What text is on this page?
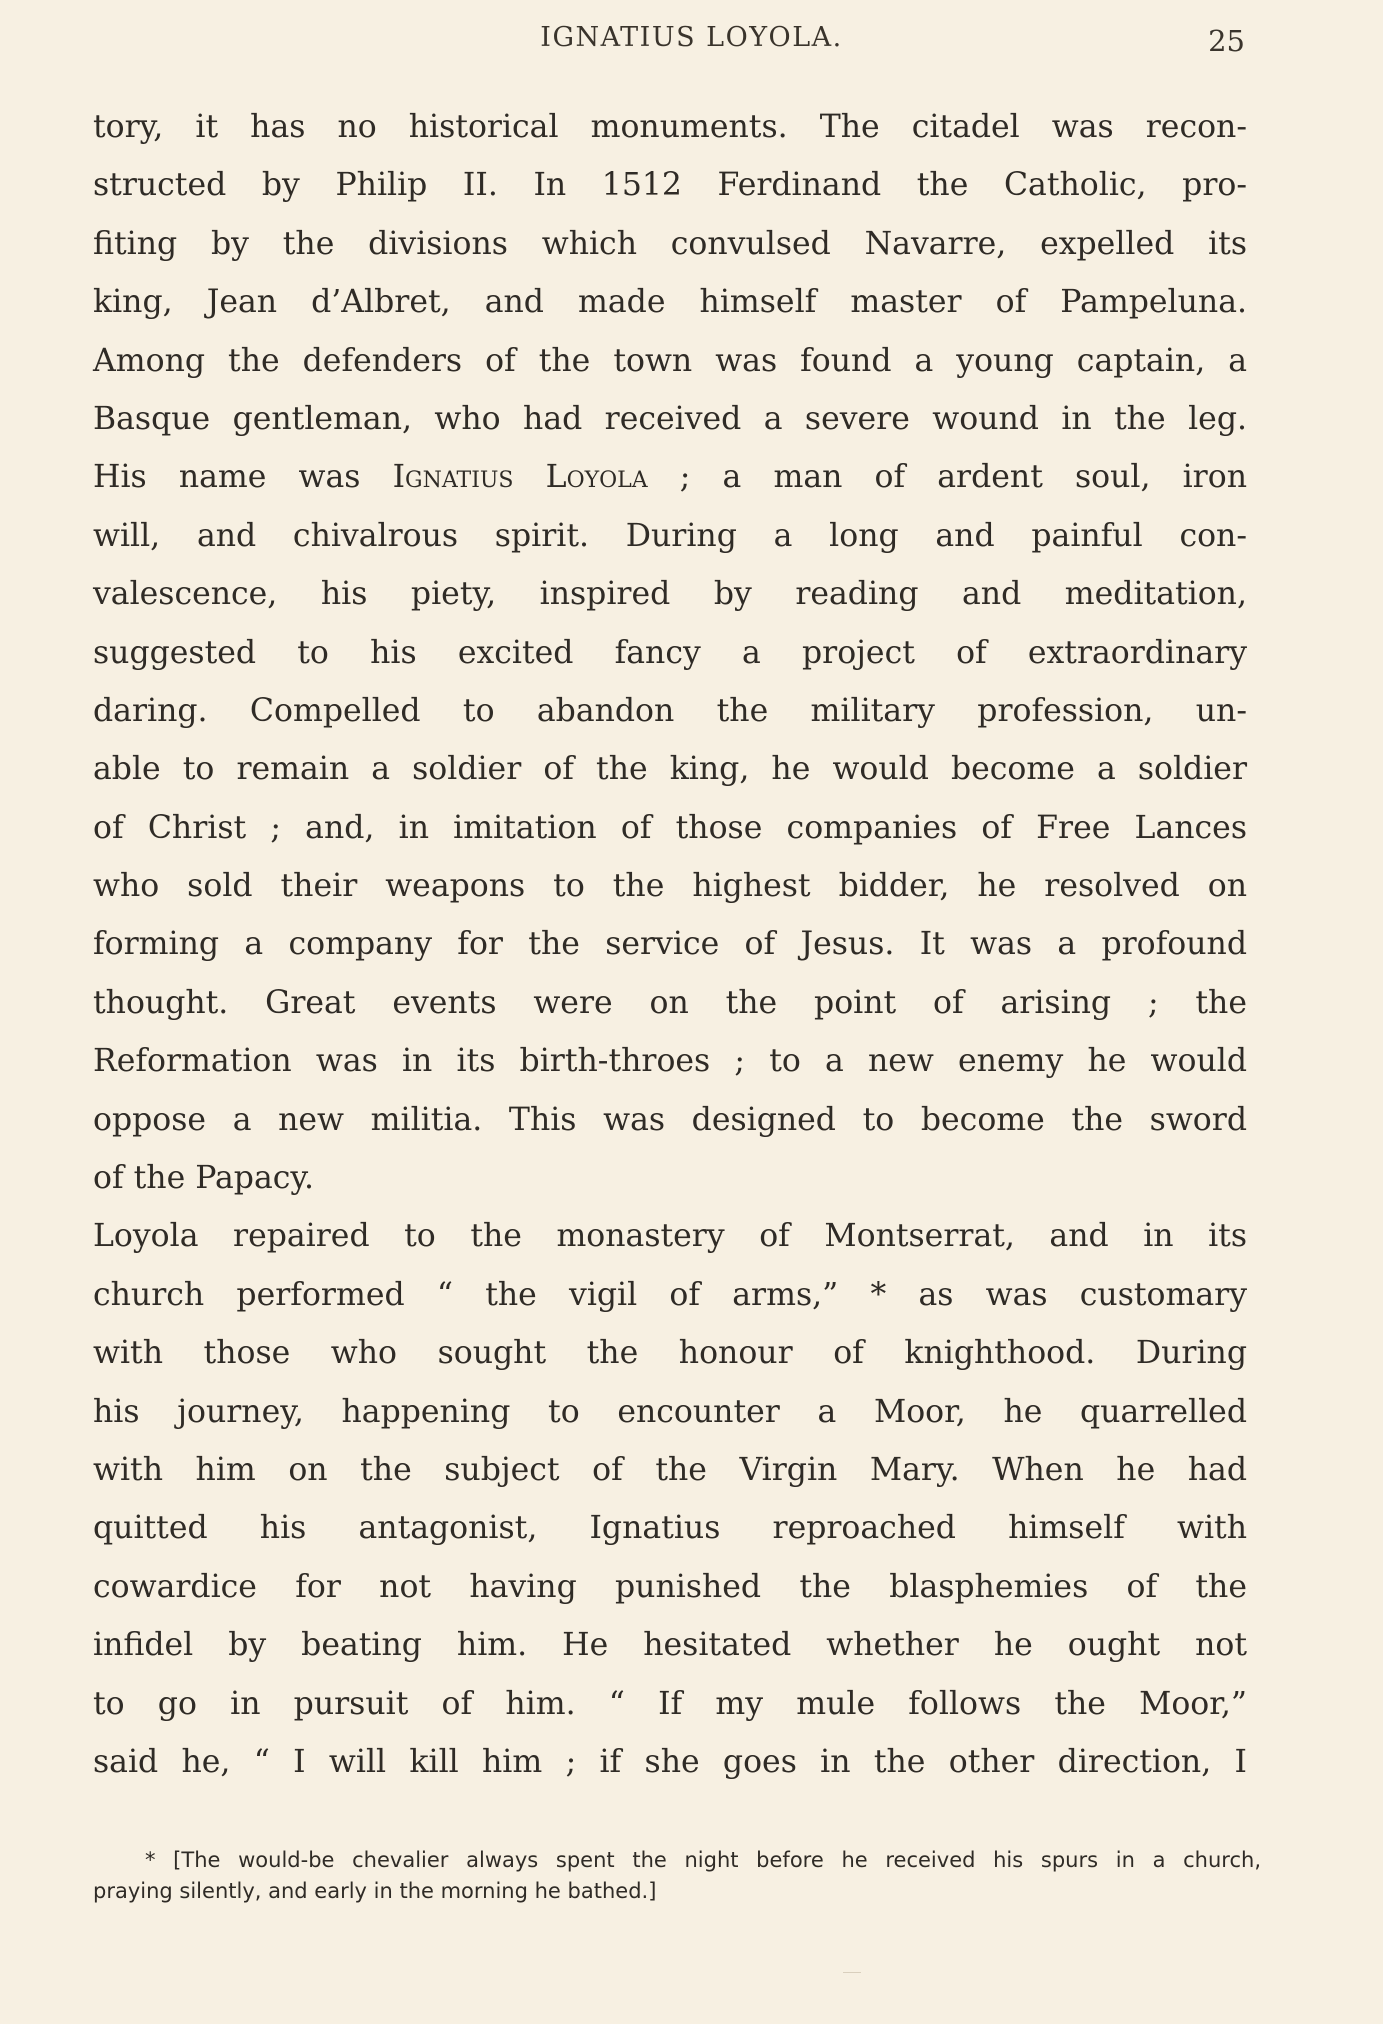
IGNATIUS LOYOLA.	25
tory, it has no historical monuments. The citadel was recon-
structed by Philip II. In 1512 Ferdinand the Catholic, pro-
fiting by the divisions which convulsed Navarre, expelled its
king, Jean d’Albret, and made himself master of Pampeluna.
Among the defenders of the town was found a young captain, a
Basque gentleman, who had received a severe wound in the leg.
His name was Ignatius Loyola ; a man of ardent soul, iron
will, and chivalrous spirit. During a long and painful con-
valescence, his piety, inspired by reading and meditation,
suggested to his excited fancy a project of extraordinary
daring. Compelled to abandon the military profession, un-
able to remain a soldier of the king, he would become a soldier
of Christ ; and, in imitation of those companies of Free Lances
who sold their weapons to the highest bidder, he resolved on
forming a company for the service of Jesus. It was a profound
thought. Great events were on the point of arising ; the
Reformation was in its birth-throes ; to a new enemy he would
oppose a new militia. This was designed to become the sword
of the Papacy.
Loyola repaired to the monastery of Montserrat, and in its
church performed “ the vigil of arms,” * as was customary
with those who sought the honour of knighthood. During
his journey, happening to encounter a Moor, he quarrelled
with him on the subject of the Virgin Mary. When he had
quitted his antagonist, Ignatius reproached himself with
cowardice for not having punished the blasphemies of the
infidel by beating him. He hesitated whether he ought not
to go in pursuit of him. “ If my mule follows the Moor,”
said he, “ I will kill him ; if she goes in the other direction, I
* [The would-be chevalier always spent the night before he received his spurs in a church,
praying silently, and early in the morning he bathed.]
